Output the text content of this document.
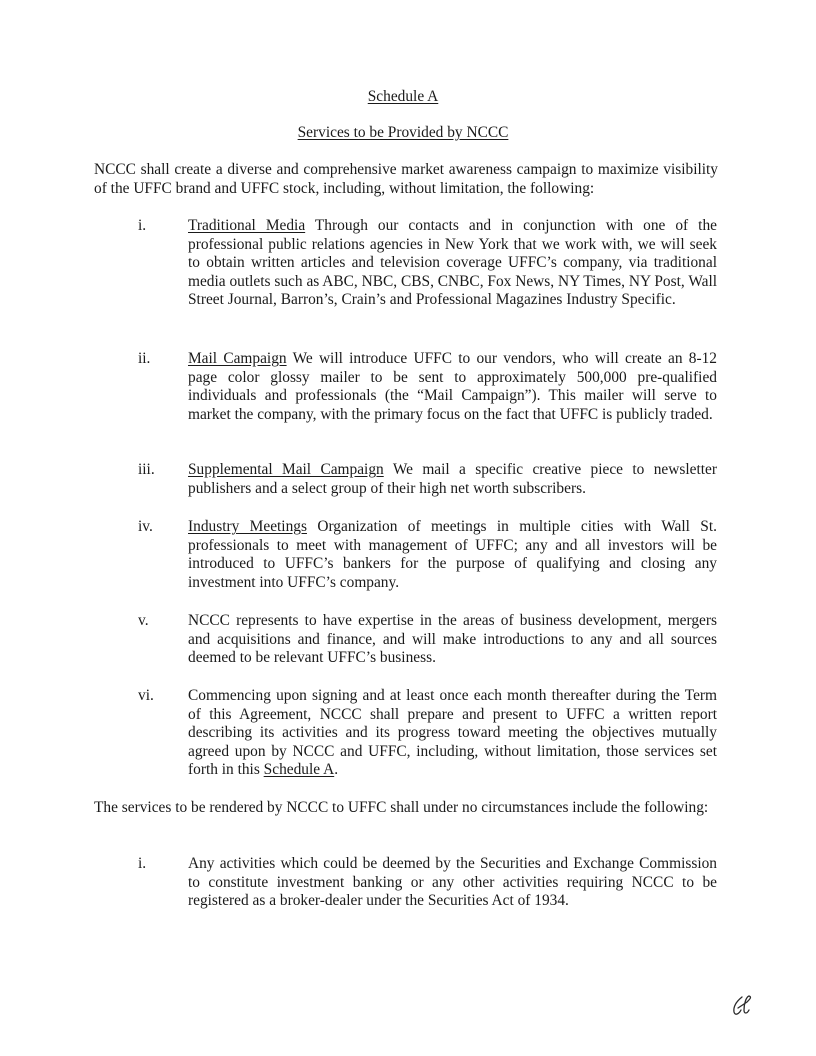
Schedule A
Services to be Provided by NCCC
NCCC shall create a diverse and comprehensive market awareness campaign to maximize visibility of the UFFC brand and UFFC stock, including, without limitation, the following:
i.	Traditional Media Through our contacts and in conjunction with one of the professional public relations agencies in New York that we work with, we will seek to obtain written articles and television coverage UFFC’s company, via traditional media outlets such as ABC, NBC, CBS, CNBC, Fox News, NY Times, NY Post, Wall Street Journal, Barron’s, Crain’s and Professional Magazines Industry Specific.
ii.	Mail Campaign We will introduce UFFC to our vendors, who will create an 8-12 page color glossy mailer to be sent to approximately 500,000 pre-qualified individuals and professionals (the “Mail Campaign”). This mailer will serve to market the company, with the primary focus on the fact that UFFC is publicly traded.
iii.	Supplemental Mail Campaign We mail a specific creative piece to newsletter publishers and a select group of their high net worth subscribers.
iv.	Industry Meetings Organization of meetings in multiple cities with Wall St. professionals to meet with management of UFFC; any and all investors will be introduced to UFFC’s bankers for the purpose of qualifying and closing any investment into UFFC’s company.
v.	NCCC represents to have expertise in the areas of business development, mergers and acquisitions and finance, and will make introductions to any and all sources deemed to be relevant UFFC’s business.
vi.	Commencing upon signing and at least once each month thereafter during the Term of this Agreement, NCCC shall prepare and present to UFFC a written report describing its activities and its progress toward meeting the objectives mutually agreed upon by NCCC and UFFC, including, without limitation, those services set forth in this Schedule A.
The services to be rendered by NCCC to UFFC shall under no circumstances include the following:
i.	Any activities which could be deemed by the Securities and Exchange Commission to constitute investment banking or any other activities requiring NCCC to be registered as a broker-dealer under the Securities Act of 1934.
